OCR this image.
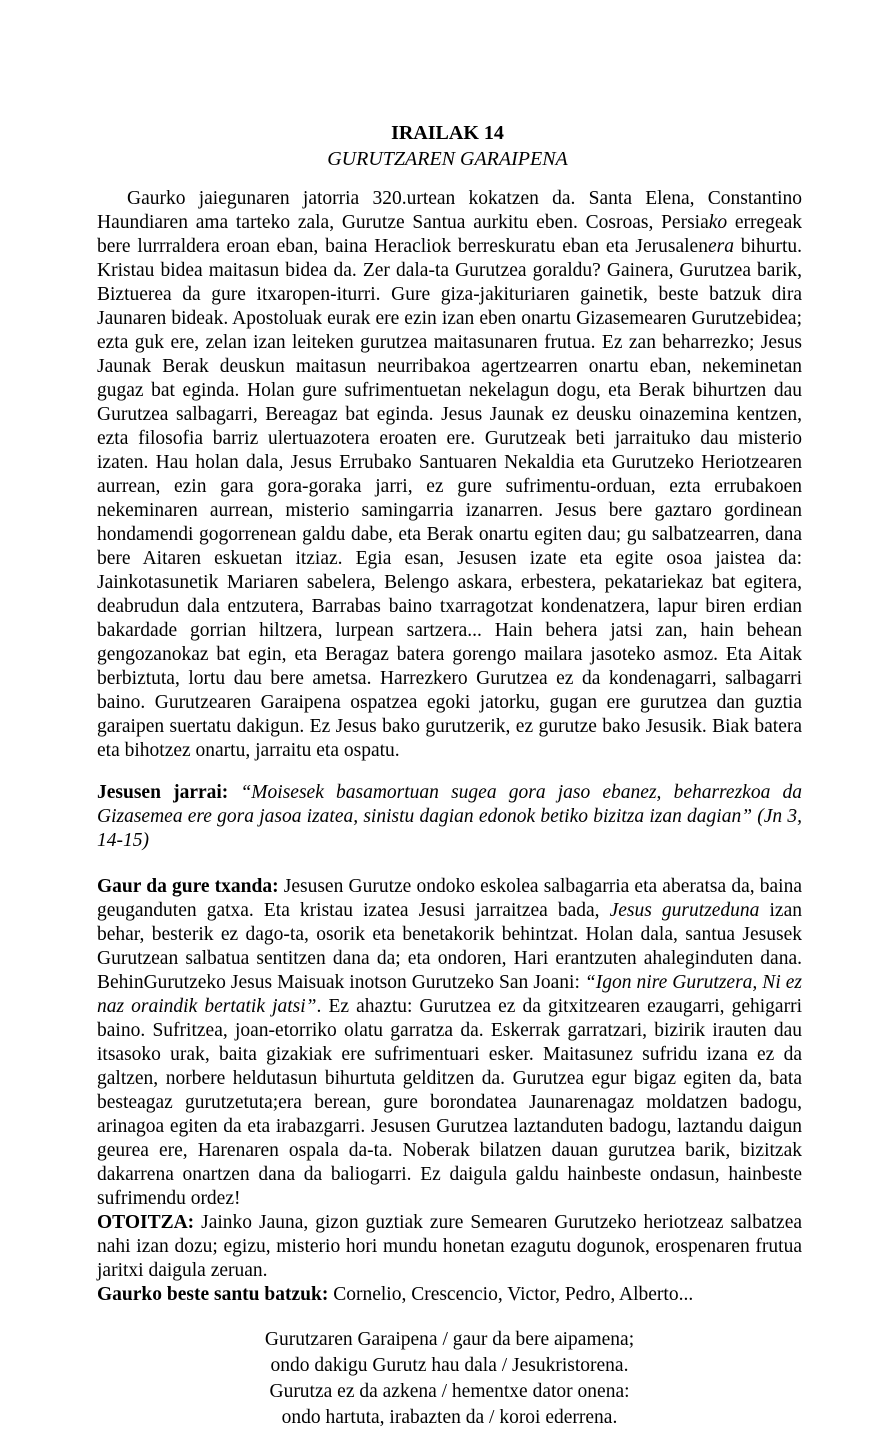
IRAILAK 14
GURUTZAREN GARAIPENA

Gaurko jaiegunaren jatorria 320.urtean kokatzen da. Santa Elena, Constantino Haundiaren ama tarteko zala, Gurutze Santua aurkitu eben. Cosroas, Persiako erregeak bere lurrraldera eroan eban, baina Heracliok berreskuratu eban eta Jerusalenera bihurtu. Kristau bidea maitasun bidea da. Zer dala-ta Gurutzea goraldu? Gainera, Gurutzea barik, Biztuerea da gure itxaropen-iturri. Gure giza-jakituriaren gainetik, beste batzuk dira Jaunaren bideak. Apostoluak eurak ere ezin izan eben onartu Gizasemearen Gurutzebidea; ezta guk ere, zelan izan leiteken gurutzea maitasunaren frutua. Ez zan beharrezko; Jesus Jaunak Berak deuskun maitasun neurribakoa agertzearren onartu eban, nekeminetan gugaz bat eginda. Holan gure sufrimentuetan nekelagun dogu, eta Berak bihurtzen dau Gurutzea salbagarri, Bereagaz bat eginda. Jesus Jaunak ez deusku oinazemina kentzen, ezta filosofia barriz ulertuazotera eroaten ere. Gurutzeak beti jarraituko dau misterio izaten. Hau holan dala, Jesus Errubako Santuaren Nekaldia eta Gurutzeko Heriotzearen aurrean, ezin gara gora-goraka jarri, ez gure sufrimentu-orduan, ezta errubakoen nekeminaren aurrean, misterio samingarria izanarren. Jesus bere gaztaro gordinean hondamendi gogorrenean galdu dabe, eta Berak onartu egiten dau; gu salbatzearren, dana bere Aitaren eskuetan itziaz. Egia esan, Jesusen izate eta egite osoa jaistea da: Jainkotasunetik Mariaren sabelera, Belengo askara, erbestera, pekatariekaz bat egitera, deabrudun dala entzutera, Barrabas baino txarragotzat kondenatzera, lapur biren erdian bakardade gorrian hiltzera, lurpean sartzera... Hain behera jatsi zan, hain behean gengozanokaz bat egin, eta Beragaz batera gorengo mailara jasoteko asmoz. Eta Aitak berbiztuta, lortu dau bere ametsa. Harrezkero Gurutzea ez da kondenagarri, salbagarri baino. Gurutzearen Garaipena ospatzea egoki jatorku, gugan ere gurutzea dan guztia garaipen suertatu dakigun. Ez Jesus bako gurutzerik, ez gurutze bako Jesusik. Biak batera eta bihotzez onartu, jarraitu eta ospatu.

Jesusen jarrai: “Moisesek basamortuan sugea gora jaso ebanez, beharrezkoa da Gizasemea ere gora jasoa izatea, sinistu dagian edonok betiko bizitza izan dagian” (Jn 3, 14-15)

Gaur da gure txanda: Jesusen Gurutze ondoko eskolea salbagarria eta aberatsa da, baina geuganduten gatxa. Eta kristau izatea Jesusi jarraitzea bada, Jesus gurutzeduna izan behar, besterik ez dago-ta, osorik eta benetakorik behintzat. Holan dala, santua Jesusek Gurutzean salbatua sentitzen dana da; eta ondoren, Hari erantzuten ahaleginduten dana. BehinGurutzeko Jesus Maisuak inotson Gurutzeko San Joani: “Igon nire Gurutzera, Ni ez naz oraindik bertatik jatsi”. Ez ahaztu: Gurutzea ez da gitxitzearen ezaugarri, gehigarri baino. Sufritzea, joan-etorriko olatu garratza da. Eskerrak garratzari, bizirik irauten dau itsasoko urak, baita gizakiak ere sufrimentuari esker. Maitasunez sufridu izana ez da galtzen, norbere heldutasun bihurtuta gelditzen da. Gurutzea egur bigaz egiten da, bata besteagaz gurutzetuta;era berean, gure borondatea Jaunarenagaz moldatzen badogu, arinagoa egiten da eta irabazgarri. Jesusen Gurutzea laztanduten badogu, laztandu daigun geurea ere, Harenaren ospala da-ta. Noberak bilatzen dauan gurutzea barik, bizitzak dakarrena onartzen dana da baliogarri. Ez daigula galdu hainbeste ondasun, hainbeste sufrimendu ordez!

OTOITZA: Jainko Jauna, gizon guztiak zure Semearen Gurutzeko heriotzeaz salbatzea nahi izan dozu; egizu, misterio hori mundu honetan ezagutu dogunok, erospenaren frutua jaritxi daigula zeruan.

Gaurko beste santu batzuk: Cornelio, Crescencio, Victor, Pedro, Alberto...

Gurutzaren Garaipena / gaur da bere aipamena;
ondo dakigu Gurutz hau dala / Jesukristorena.
Gurutza ez da azkena / hementxe dator onena:
ondo hartuta, irabazten da / koroi ederrena.
